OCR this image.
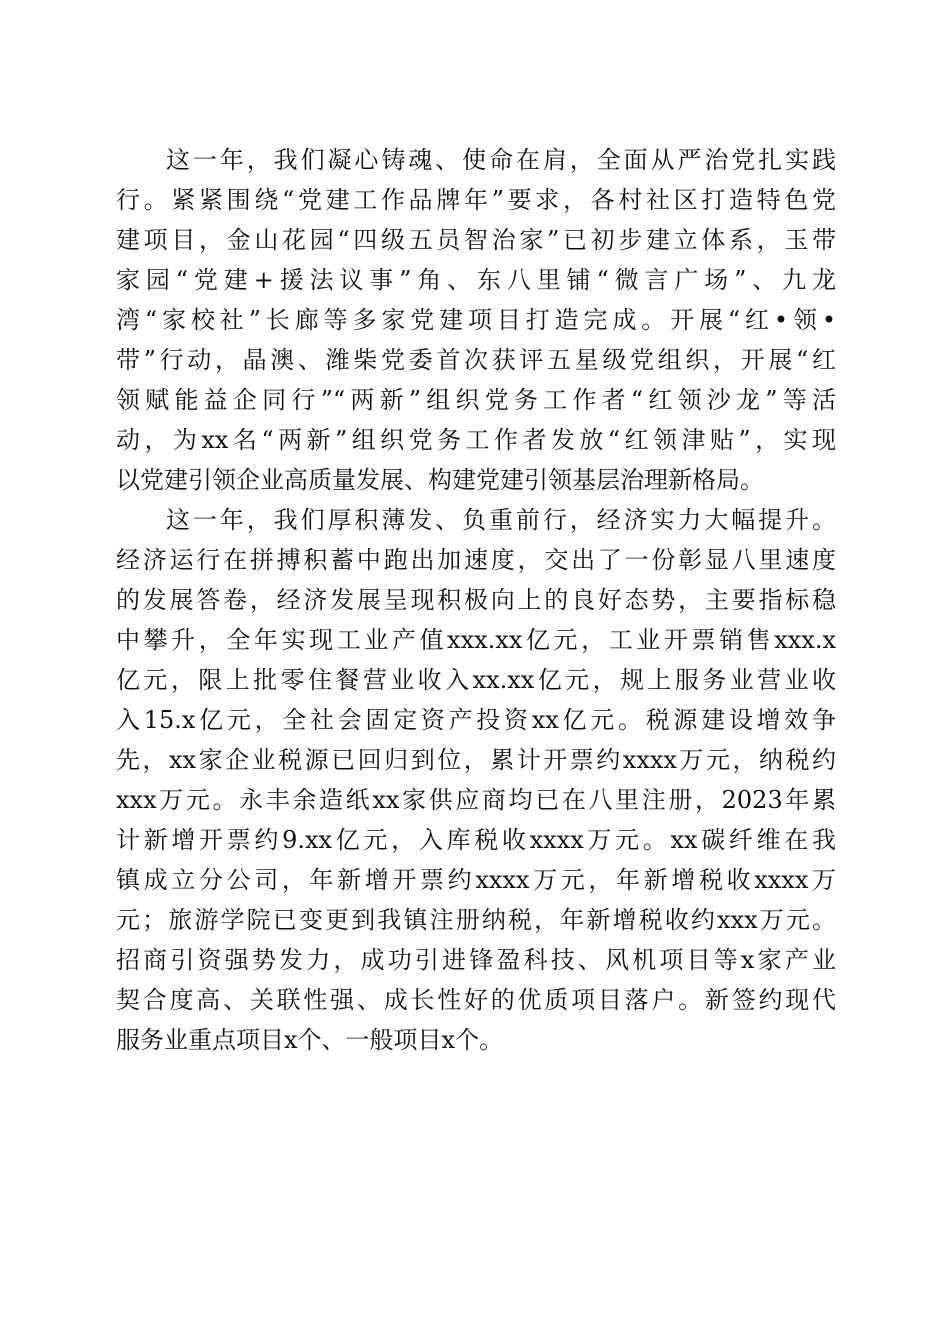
这一年，我们凝心铸魂、使命在肩，全面从严治党扎实践
行。紧紧围绕“党建工作品牌年”要求，各村社区打造特色党
建项目，金山花园“四级五员智治家”已初步建立体系，玉带
家园“党建+援法议事”角、东八里铺“微言广场”、九龙
湾“家校社”长廊等多家党建项目打造完成。开展“红•领•
带”行动，晶澳、潍柴党委首次获评五星级党组织，开展“红
领赋能益企同行”“两新”组织党务工作者“红领沙龙”等活
动，为xx名“两新”组织党务工作者发放“红领津贴”，实现
以党建引领企业高质量发展、构建党建引领基层治理新格局。
这一年，我们厚积薄发、负重前行，经济实力大幅提升。
经济运行在拼搏积蓄中跑出加速度，交出了一份彰显八里速度
的发展答卷，经济发展呈现积极向上的良好态势，主要指标稳
中攀升，全年实现工业产值xxx.xx亿元，工业开票销售xxx.x
亿元，限上批零住餐营业收入xx.xx亿元，规上服务业营业收
入15.x亿元，全社会固定资产投资xx亿元。税源建设增效争
先，xx家企业税源已回归到位，累计开票约xxxx万元，纳税约
xxx万元。永丰余造纸xx家供应商均已在八里注册，2023年累
计新增开票约9.xx亿元，入库税收xxxx万元。xx碳纤维在我
镇成立分公司，年新增开票约xxxx万元，年新增税收xxxx万
元；旅游学院已变更到我镇注册纳税，年新增税收约xxx万元。
招商引资强势发力，成功引进锋盈科技、风机项目等x家产业
契合度高、关联性强、成长性好的优质项目落户。新签约现代
服务业重点项目x个、一般项目x个。
